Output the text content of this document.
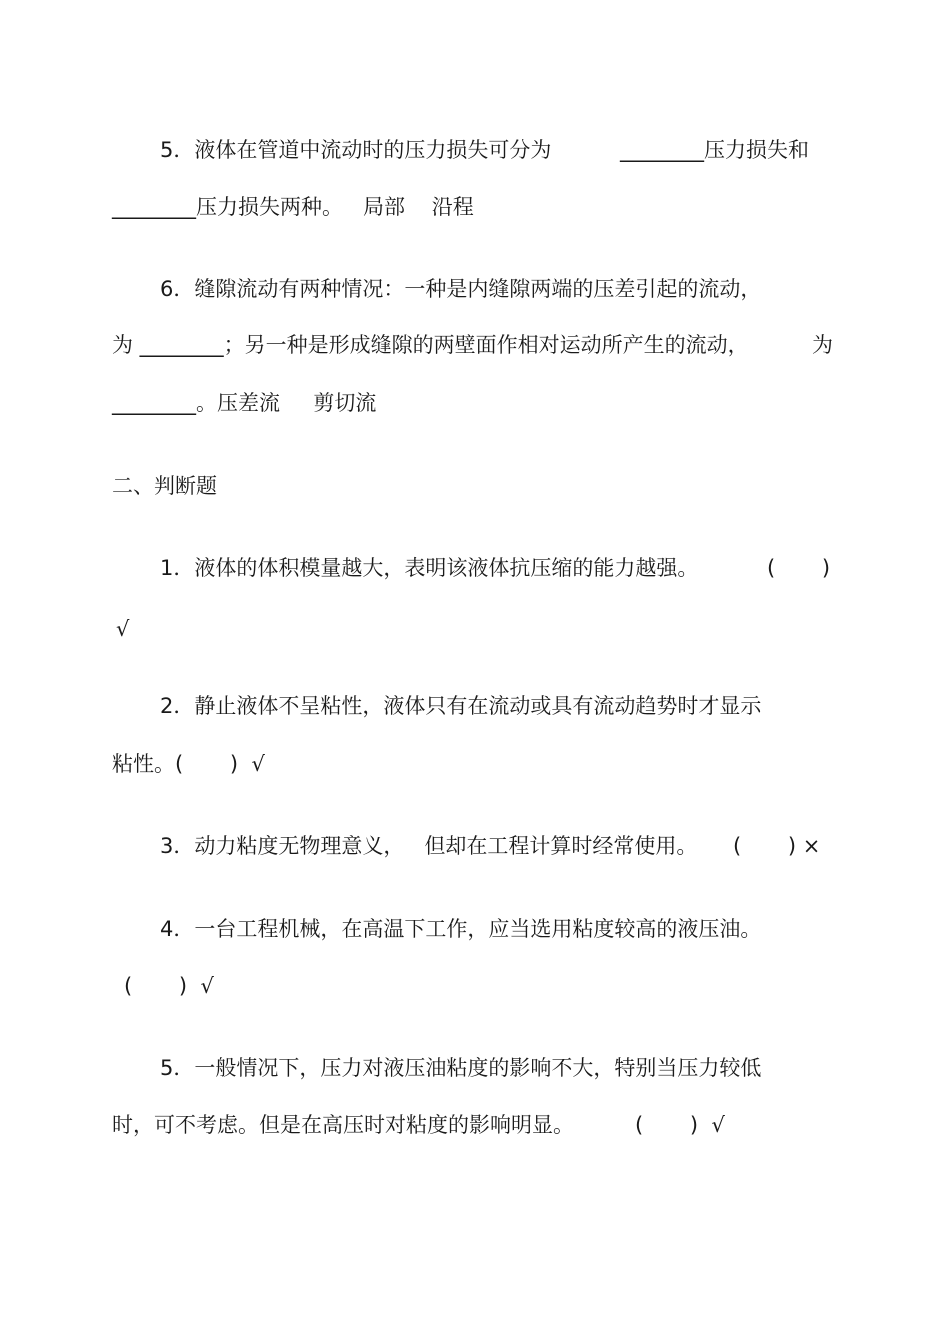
5．液体在管道中流动时的压力损失可分为	________压力损失和
________压力损失两种。   局部    沿程
6．缝隙流动有两种情况：一种是内缝隙两端的压差引起的流动，
为 ________；另一种是形成缝隙的两壁面作相对运动所产生的流动，	为
________。压差流     剪切流
二、判断题
1．液体的体积模量越大，表明该液体抗压缩的能力越强。	(       )
√
2．静止液体不呈粘性，液体只有在流动或具有流动趋势时才显示
粘性。(       )  √
3．动力粘度无物理意义，   但却在工程计算时经常使用。 (       ) ×
4．一台工程机械，在高温下工作，应当选用粘度较高的液压油。
(       )  √
5．一般情况下，压力对液压油粘度的影响不大，特别当压力较低
时，可不考虑。但是在高压时对粘度的影响明显。	(       )  √
